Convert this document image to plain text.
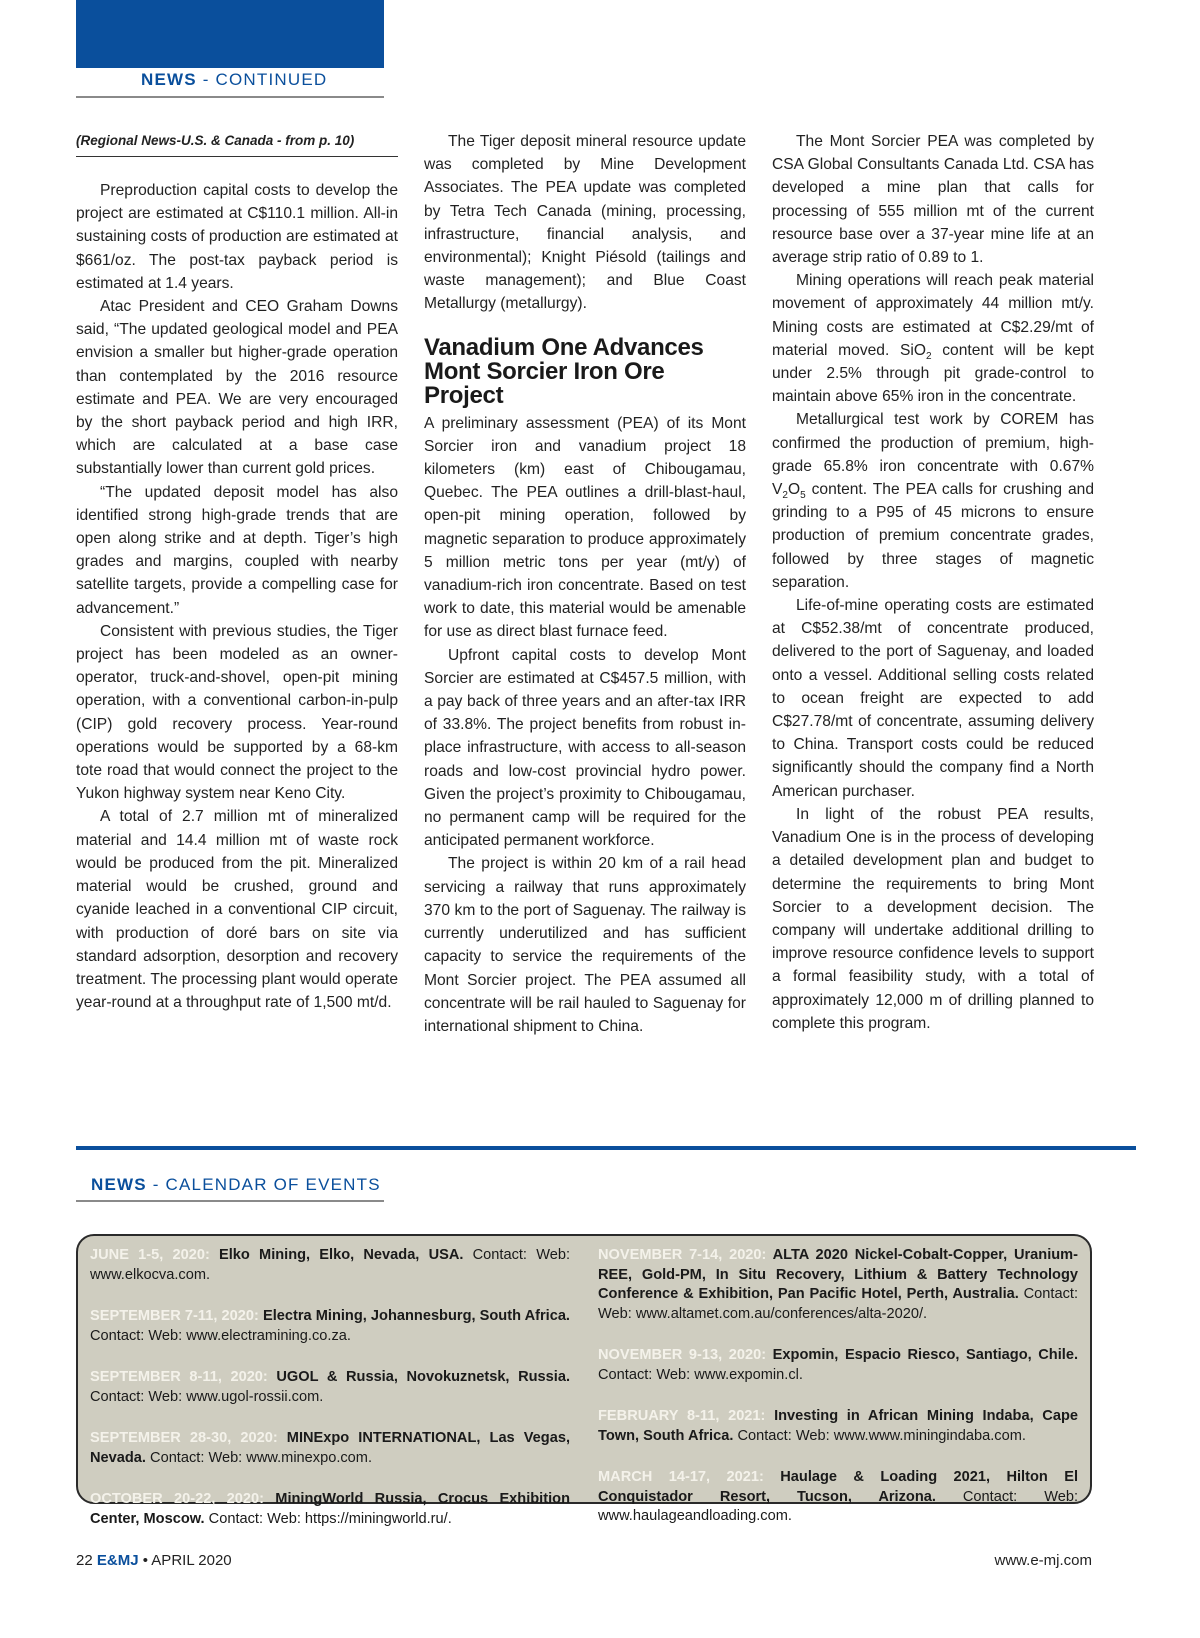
NEWS - CONTINUED
(Regional News-U.S. & Canada - from p. 10)

Preproduction capital costs to develop the project are estimated at C$110.1 million. All-in sustaining costs of production are estimated at $661/oz. The post-tax payback period is estimated at 1.4 years.

Atac President and CEO Graham Downs said, “The updated geological model and PEA envision a smaller but higher-grade operation than contemplated by the 2016 resource estimate and PEA. We are very encouraged by the short payback period and high IRR, which are calculated at a base case substantially lower than current gold prices.

“The updated deposit model has also identified strong high-grade trends that are open along strike and at depth. Tiger’s high grades and margins, coupled with nearby satellite targets, provide a compelling case for advancement.”

Consistent with previous studies, the Tiger project has been modeled as an owner-operator, truck-and-shovel, open-pit mining operation, with a conventional carbon-in-pulp (CIP) gold recovery process. Year-round operations would be supported by a 68-km tote road that would connect the project to the Yukon highway system near Keno City.

A total of 2.7 million mt of mineralized material and 14.4 million mt of waste rock would be produced from the pit. Mineralized material would be crushed, ground and cyanide leached in a conventional CIP circuit, with production of doré bars on site via standard adsorption, desorption and recovery treatment. The processing plant would operate year-round at a throughput rate of 1,500 mt/d.

The Tiger deposit mineral resource update was completed by Mine Development Associates. The PEA update was completed by Tetra Tech Canada (mining, processing, infrastructure, financial analysis, and environmental); Knight Piésold (tailings and waste management); and Blue Coast Metallurgy (metallurgy).

Vanadium One Advances
Mont Sorcier Iron Ore Project

A preliminary assessment (PEA) of its Mont Sorcier iron and vanadium project 18 kilometers (km) east of Chibougamau, Quebec. The PEA outlines a drill-blast-haul, open-pit mining operation, followed by magnetic separation to produce approximately 5 million metric tons per year (mt/y) of vanadium-rich iron concentrate. Based on test work to date, this material would be amenable for use as direct blast furnace feed.

Upfront capital costs to develop Mont Sorcier are estimated at C$457.5 million, with a pay back of three years and an after-tax IRR of 33.8%. The project benefits from robust in-place infrastructure, with access to all-season roads and low-cost provincial hydro power. Given the project’s proximity to Chibougamau, no permanent camp will be required for the anticipated permanent workforce.

The project is within 20 km of a rail head servicing a railway that runs approximately 370 km to the port of Saguenay. The railway is currently underutilized and has sufficient capacity to service the requirements of the Mont Sorcier project. The PEA assumed all concentrate will be rail hauled to Saguenay for international shipment to China.

The Mont Sorcier PEA was completed by CSA Global Consultants Canada Ltd. CSA has developed a mine plan that calls for processing of 555 million mt of the current resource base over a 37-year mine life at an average strip ratio of 0.89 to 1.

Mining operations will reach peak material movement of approximately 44 million mt/y. Mining costs are estimated at C$2.29/mt of material moved. SiO$_2$ content will be kept under 2.5% through pit grade-control to maintain above 65% iron in the concentrate.

Metallurgical test work by COREM has confirmed the production of premium, high-grade 65.8% iron concentrate with 0.67% $V_2O_5$ content. The PEA calls for crushing and grinding to a P95 of 45 microns to ensure production of premium concentrate grades, followed by three stages of magnetic separation.

Life-of-mine operating costs are estimated at C$52.38/mt of concentrate produced, delivered to the port of Saguenay, and loaded onto a vessel. Additional selling costs related to ocean freight are expected to add C$27.78/mt of concentrate, assuming delivery to China. Transport costs could be reduced significantly should the company find a North American purchaser.

In light of the robust PEA results, Vanadium One is in the process of developing a detailed development plan and budget to determine the requirements to bring Mont Sorcier to a development decision. The company will undertake additional drilling to improve resource confidence levels to support a formal feasibility study, with a total of approximately 12,000 m of drilling planned to complete this program.

NEWS - CALENDAR OF EVENTS
JUNE 1-5, 2020: Elko Mining, Elko, Nevada, USA. Contact: Web: www.elkocva.com.
SEPTEMBER 7-11, 2020: Electra Mining, Johannesburg, South Africa. Contact: Web: www.electramining.co.za.
SEPTEMBER 8-11, 2020: UGOL & Russia, Novokuznetsk, Russia. Contact: Web: www.ugol-rossii.com.
SEPTEMBER 28-30, 2020: MINExpo INTERNATIONAL, Las Vegas, Nevada. Contact: Web: www.minexpo.com.
OCTOBER 20-22, 2020: MiningWorld Russia, Crocus Exhibition Center, Moscow. Contact: Web: https://miningworld.ru/.
NOVEMBER 7-14, 2020: ALTA 2020 Nickel-Cobalt-Copper, Uranium-REE, Gold-PM, In Situ Recovery, Lithium & Battery Technology Conference & Exhibition, Pan Pacific Hotel, Perth, Australia. Contact: Web: www.altamet.com.au/conferences/alta-2020/.
NOVEMBER 9-13, 2020: Expomin, Espacio Riesco, Santiago, Chile. Contact: Web: www.expomin.cl.
FEBRUARY 8-11, 2021: Investing in African Mining Indaba, Cape Town, South Africa. Contact: Web: www.www.miningindaba.com.
MARCH 14-17, 2021: Haulage & Loading 2021, Hilton El Conquistador Resort, Tucson, Arizona. Contact: Web: www.haulageandloading.com.
22 E&MJ • APRIL 2020	www.e-mj.com
